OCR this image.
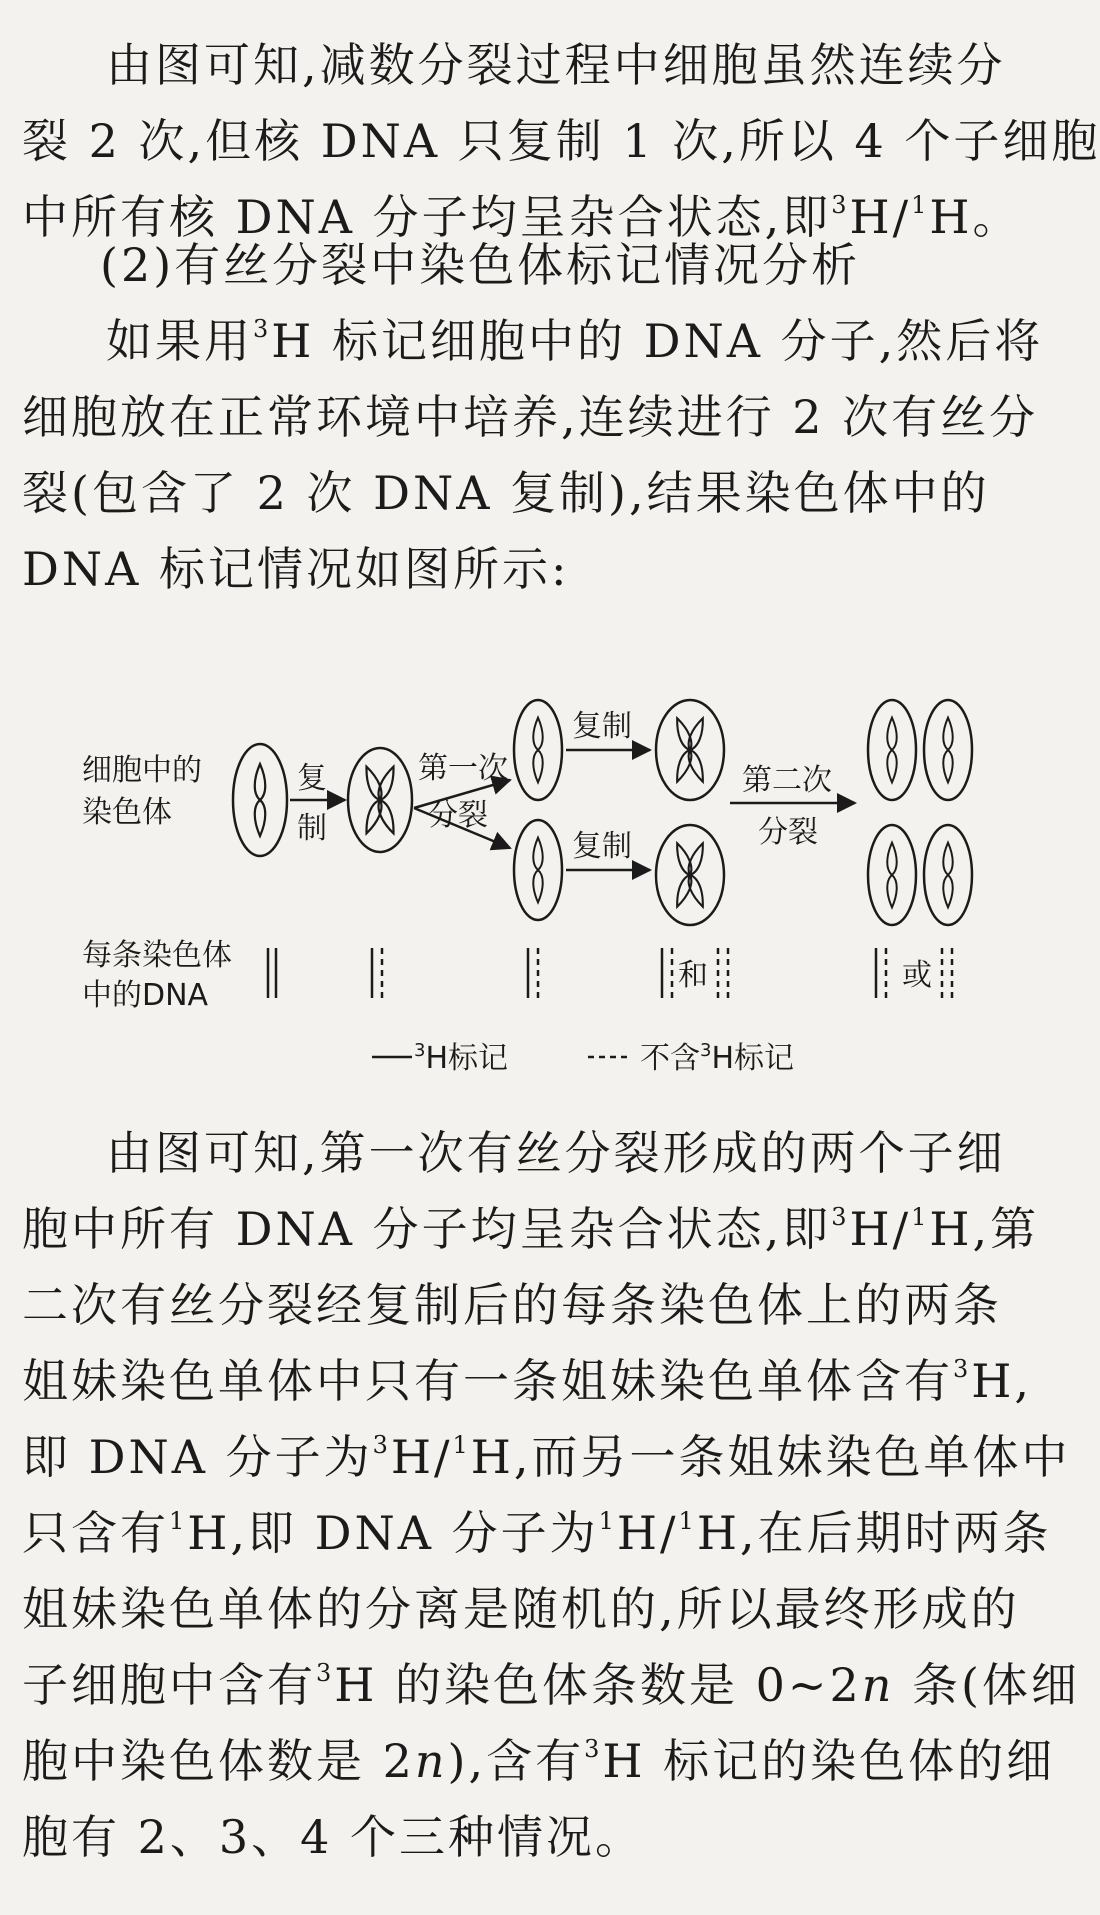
由图可知,减数分裂过程中细胞虽然连续分
裂 2 次,但核 DNA 只复制 1 次,所以 4 个子细胞
中所有核 DNA 分子均呈杂合状态,即$^3$H/$^1$H。
(2)有丝分裂中染色体标记情况分析
如果用$^3$H 标记细胞中的 DNA 分子,然后将
细胞放在正常环境中培养,连续进行 2 次有丝分
裂(包含了 2 次 DNA 复制),结果染色体中的
DNA 标记情况如图所示:
细胞中的
染色体
复
制
第一次
分裂
复制
复制
第二次
分裂
每条染色体
中的DNA
和	或
$^3$H标记	不含$^3$H标记
由图可知,第一次有丝分裂形成的两个子细
胞中所有 DNA 分子均呈杂合状态,即$^3$H/$^1$H,第
二次有丝分裂经复制后的每条染色体上的两条
姐妹染色单体中只有一条姐妹染色单体含有$^3$H,
即 DNA 分子为$^3$H/$^1$H,而另一条姐妹染色单体中
只含有$^1$H,即 DNA 分子为$^1$H/$^1$H,在后期时两条
姐妹染色单体的分离是随机的,所以最终形成的
子细胞中含有$^3$H 的染色体条数是 0~2n 条(体细
胞中染色体数是 2n),含有$^3$H 标记的染色体的细
胞有 2、3、4 个三种情况。
